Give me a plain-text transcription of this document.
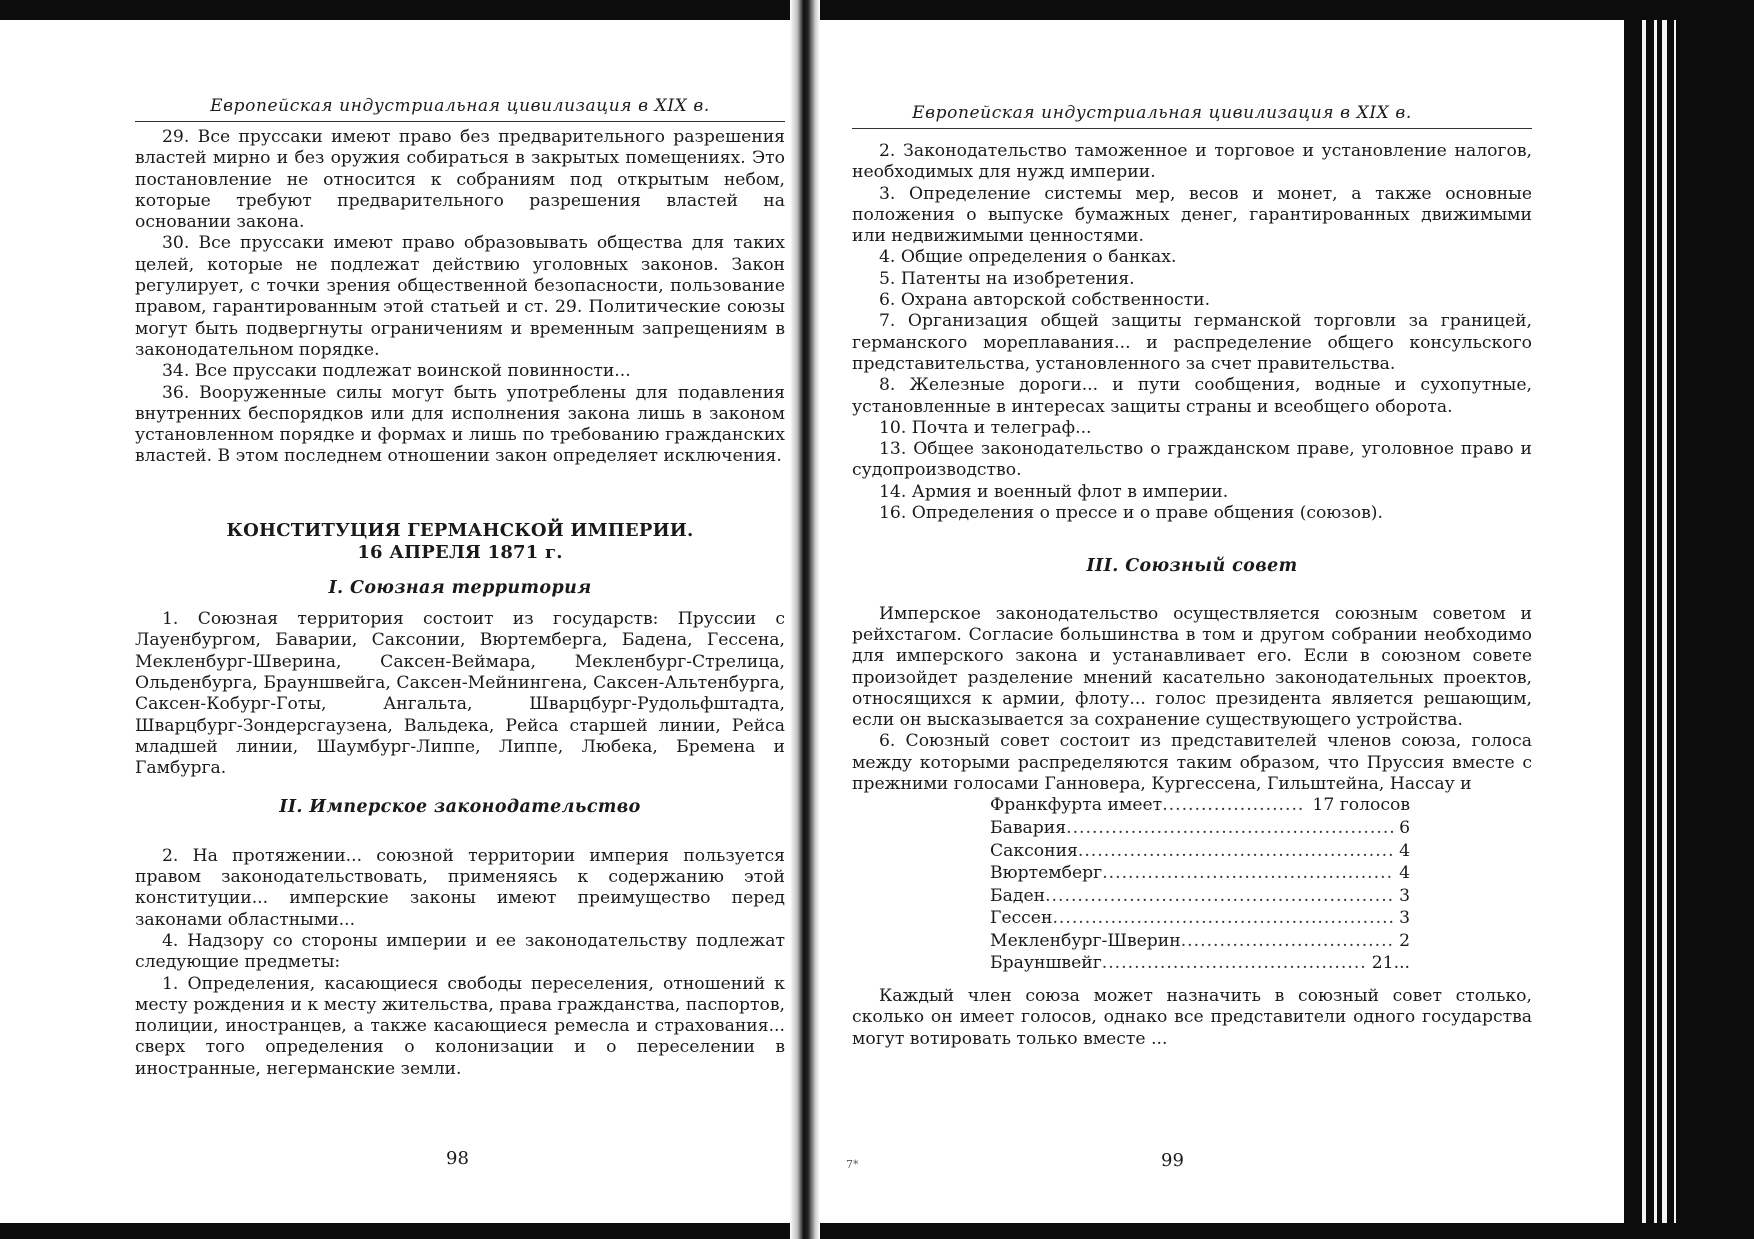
Европейская индустриальная цивилизация в XIX в.

29. Все пруссаки имеют право без предварительного разрешения властей мирно и без оружия собираться в закрытых помещениях. Это постановление не относится к собраниям под открытым небом, которые требуют предварительного разрешения властей на основании закона.

30. Все пруссаки имеют право образовывать общества для таких целей, которые не подлежат действию уголовных законов. Закон регулирует, с точки зрения общественной безопасности, пользование правом, гарантированным этой статьей и ст. 29. Политические союзы могут быть подвергнуты ограничениям и временным запрещениям в законодательном порядке.

34. Все пруссаки подлежат воинской повинности...

36. Вооруженные силы могут быть употреблены для подавления внутренних беспорядков или для исполнения закона лишь в законом установленном порядке и формах и лишь по требованию гражданских властей. В этом последнем отношении закон определяет исключения.

КОНСТИТУЦИЯ ГЕРМАНСКОЙ ИМПЕРИИ.

16 АПРЕЛЯ 1871 г.

I. Союзная территория

1. Союзная территория состоит из государств: Пруссии с Лауенбургом, Баварии, Саксонии, Вюртемберга, Бадена, Гессена, Мекленбург-Шверина, Саксен-Веймара, Мекленбург-Стрелица, Ольденбурга, Брауншвейга, Саксен-Мейнингена, Саксен-Альтенбурга, Саксен-Кобург-Готы, Ангальта, Шварцбург-Рудольфштадта, Шварцбург-Зондерсгаузена, Вальдека, Рейса старшей линии, Рейса младшей линии, Шаумбург-Липпе, Липпе, Любека, Бремена и Гамбурга.

II. Имперское законодательство

2. На протяжении... союзной территории империя пользуется правом законодательствовать, применяясь к содержанию этой конституции... имперские законы имеют преимущество перед законами областными...

4. Надзору со стороны империи и ее законодательству подлежат следующие предметы:

1. Определения, касающиеся свободы переселения, отношений к месту рождения и к месту жительства, права гражданства, паспортов, полиции, иностранцев, а также касающиеся ремесла и страхования... сверх того определения о колонизации и о переселении в иностранные, негерманские земли.

98
Европейская индустриальная цивилизация в XIX в.

2. Законодательство таможенное и торговое и установление налогов, необходимых для нужд империи.

3. Определение системы мер, весов и монет, а также основные положения о выпуске бумажных денег, гарантированных движимыми или недвижимыми ценностями.

4. Общие определения о банках.

5. Патенты на изобретения.

6. Охрана авторской собственности.

7. Организация общей защиты германской торговли за границей, германского мореплавания... и распределение общего консульского представительства, установленного за счет правительства.

8. Железные дороги... и пути сообщения, водные и сухопутные, установленные в интересах защиты страны и всеобщего оборота.

10. Почта и телеграф...

13. Общее законодательство о гражданском праве, уголовное право и судопроизводство.

14. Армия и военный флот в империи.

16. Определения о прессе и о праве общения (союзов).

III. Союзный совет

Имперское законодательство осуществляется союзным советом и рейхстагом. Согласие большинства в том и другом собрании необходимо для имперского закона и устанавливает его. Если в союзном совете произойдет разделение мнений касательно законодательных проектов, относящихся к армии, флоту... голос президента является решающим, если он высказывается за сохранение существующего устройства.

6. Союзный совет состоит из представителей членов союза, голоса между которыми распределяются таким образом, что Пруссия вместе с прежними голосами Ганновера, Кургессена, Гильштейна, Нассау и

Франкфурта имеет .....	17 голосов
Бавария .....	6
Саксония .....	4
Вюртемберг .....	4
Баден .....	3
Гессен .....	3
Мекленбург-Шверин .....	2
Брауншвейг .....	21...

Каждый член союза может назначить в союзный совет столько, сколько он имеет голосов, однако все представители одного государства могут вотировать только вместе ...

7*	99
